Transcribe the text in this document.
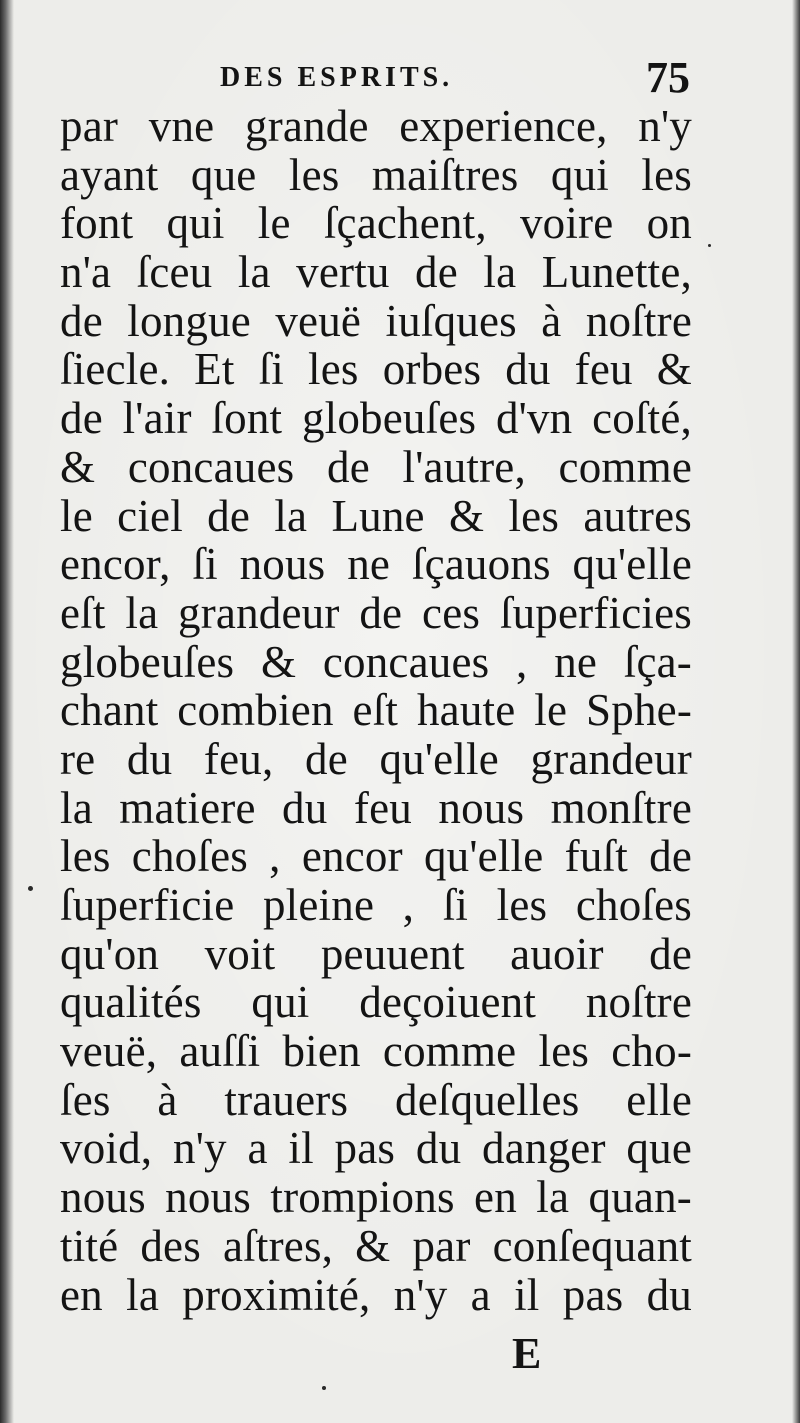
DES ESPRITS.	75
par vne grande experience, n'y
ayant que les maiſtres qui les
font qui le ſçachent, voire on
n'a ſceu la vertu de la Lunette,
de longue veuë iuſques à noſtre
ſiecle. Et ſi les orbes du feu &
de l'air ſont globeuſes d'vn coſté,
& concaues de l'autre, comme
le ciel de la Lune & les autres
encor, ſi nous ne ſçauons qu'elle
eſt la grandeur de ces ſuperficies
globeuſes & concaues , ne ſça-
chant combien eſt haute le Sphe-
re du feu, de qu'elle grandeur
la matiere du feu nous monſtre
les choſes , encor qu'elle fuſt de
ſuperficie pleine , ſi les choſes
qu'on voit peuuent auoir de
qualités qui deçoiuent noſtre
veuë, auſſi bien comme les cho-
ſes à trauers deſquelles elle
void, n'y a il pas du danger que
nous nous trompions en la quan-
tité des aſtres, & par conſequant
en la proximité, n'y a il pas du
E
